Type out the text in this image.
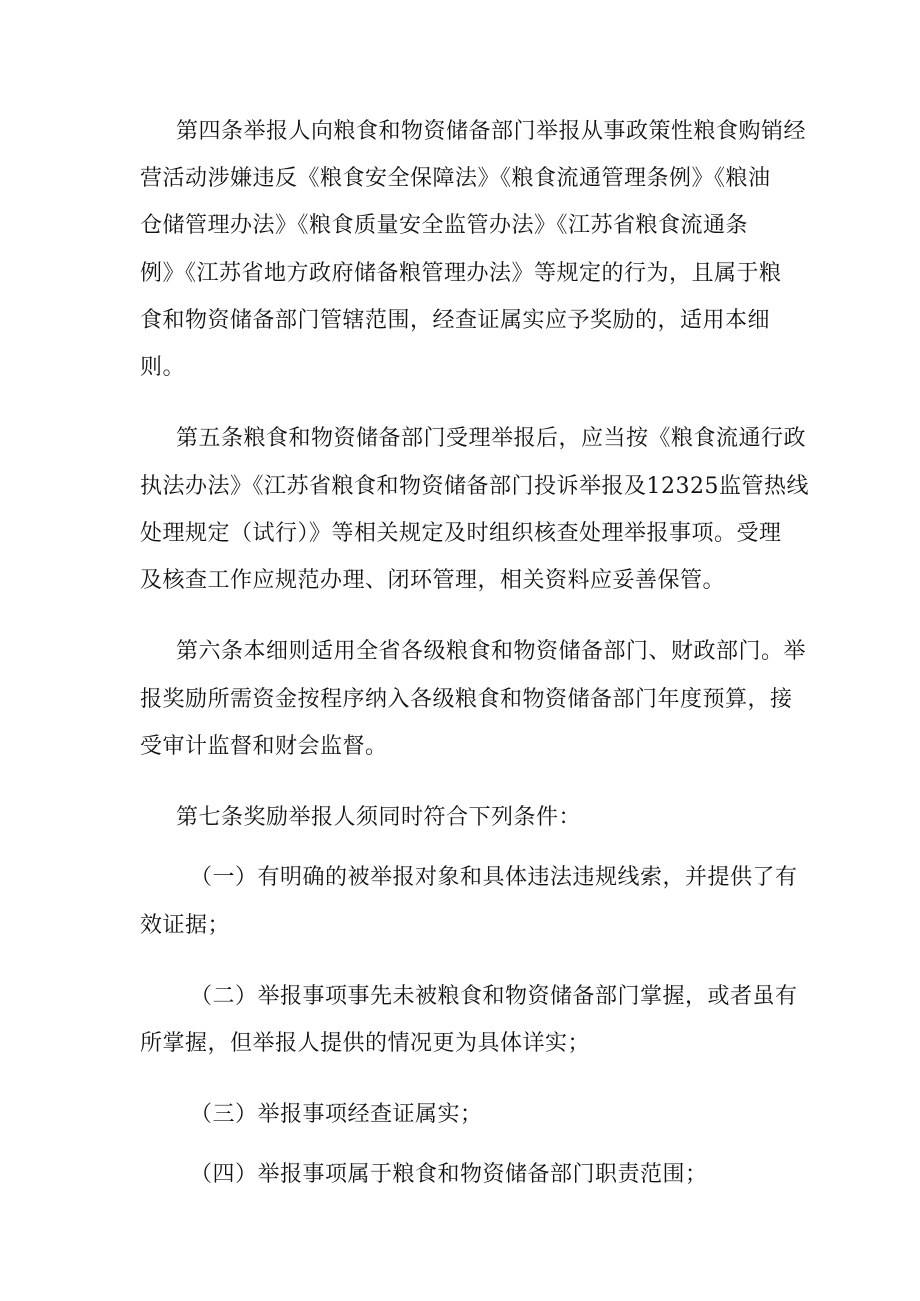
第四条举报人向粮食和物资储备部门举报从事政策性粮食购销经
营活动涉嫌违反《粮食安全保障法》《粮食流通管理条例》《粮油
仓储管理办法》《粮食质量安全监管办法》《江苏省粮食流通条
例》《江苏省地方政府储备粮管理办法》等规定的行为，且属于粮
食和物资储备部门管辖范围，经查证属实应予奖励的，适用本细
则。
第五条粮食和物资储备部门受理举报后，应当按《粮食流通行政
执法办法》《江苏省粮食和物资储备部门投诉举报及12325监管热线
处理规定（试行）》等相关规定及时组织核查处理举报事项。受理
及核查工作应规范办理、闭环管理，相关资料应妥善保管。
第六条本细则适用全省各级粮食和物资储备部门、财政部门。举
报奖励所需资金按程序纳入各级粮食和物资储备部门年度预算，接
受审计监督和财会监督。
第七条奖励举报人须同时符合下列条件：
（一）有明确的被举报对象和具体违法违规线索，并提供了有
效证据；
（二）举报事项事先未被粮食和物资储备部门掌握，或者虽有
所掌握，但举报人提供的情况更为具体详实；
（三）举报事项经查证属实；
（四）举报事项属于粮食和物资储备部门职责范围；
